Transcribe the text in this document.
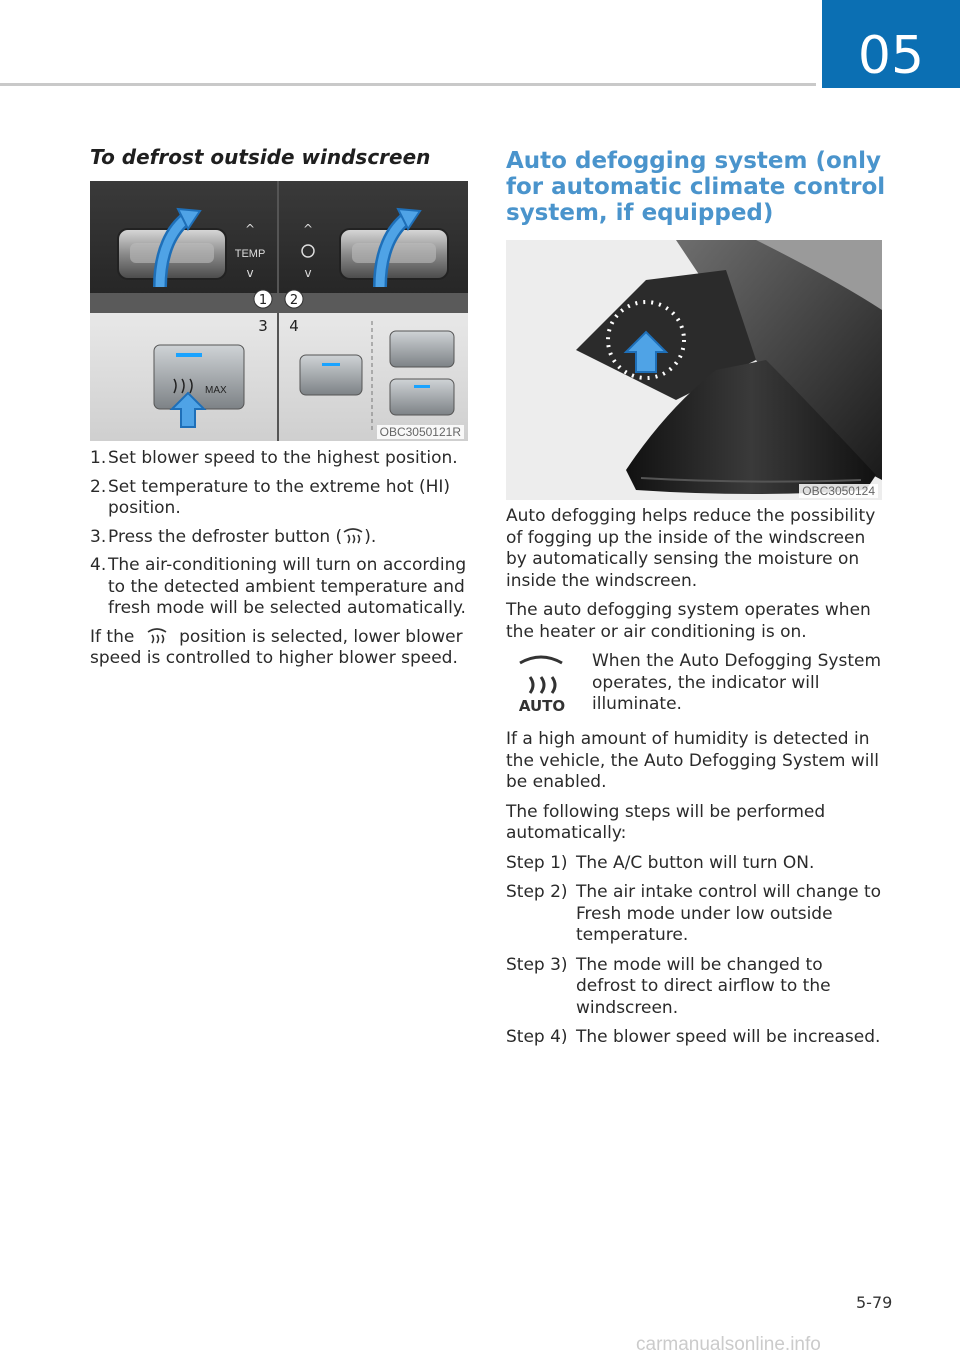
05
To defrost outside windscreen
TEMP
^
v
^
v
1 2
3 4
MAX
OBC3050121R
1. Set blower speed to the highest position.
2. Set temperature to the extreme hot (HI) position.
3. Press the defroster button ( ).
4. The air-conditioning will turn on according to the detected ambient temperature and fresh mode will be selected automatically.

If the	position is selected, lower blower speed is controlled to higher blower speed.

Auto defogging system (only for automatic climate control system, if equipped)
OBC3050124

Auto defogging helps reduce the possibility of fogging up the inside of the windscreen by automatically sensing the moisture on inside the windscreen.

The auto defogging system operates when the heater or air conditioning is on.

AUTO
When the Auto Defogging System operates, the indicator will illuminate.

If a high amount of humidity is detected in the vehicle, the Auto Defogging System will be enabled.

The following steps will be performed automatically:

Step 1) The A/C button will turn ON.
Step 2) The air intake control will change to Fresh mode under low outside temperature.
Step 3) The mode will be changed to defrost to direct airflow to the windscreen.
Step 4) The blower speed will be increased.
5-79
carmanualsonline.info
